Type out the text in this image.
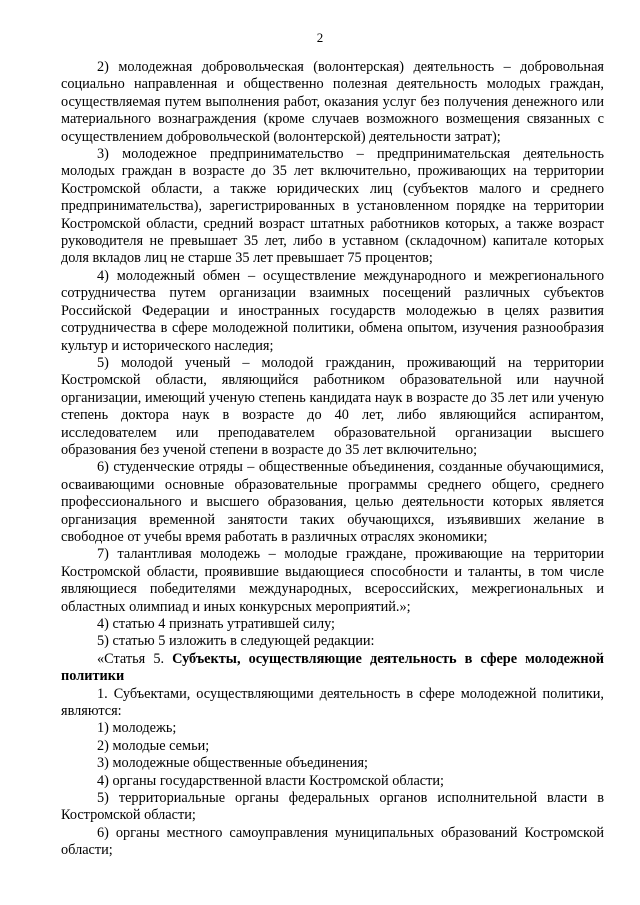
2

2) молодежная добровольческая (волонтерская) деятельность – добровольная социально направленная и общественно полезная деятельность молодых граждан, осуществляемая путем выполнения работ, оказания услуг без получения денежного или материального вознаграждения (кроме случаев возможного возмещения связанных с осуществлением добровольческой (волонтерской) деятельности затрат);

3) молодежное предпринимательство – предпринимательская деятельность молодых граждан в возрасте до 35 лет включительно, проживающих на территории Костромской области, а также юридических лиц (субъектов малого и среднего предпринимательства), зарегистрированных в установленном порядке на территории Костромской области, средний возраст штатных работников которых, а также возраст руководителя не превышает 35 лет, либо в уставном (складочном) капитале которых доля вкладов лиц не старше 35 лет превышает 75 процентов;

4) молодежный обмен – осуществление международного и межрегионального сотрудничества путем организации взаимных посещений различных субъектов Российской Федерации и иностранных государств молодежью в целях развития сотрудничества в сфере молодежной политики, обмена опытом, изучения разнообразия культур и исторического наследия;

5) молодой ученый – молодой гражданин, проживающий на территории Костромской области, являющийся работником образовательной или научной организации, имеющий ученую степень кандидата наук в возрасте до 35 лет или ученую степень доктора наук в возрасте до 40 лет, либо являющийся аспирантом, исследователем или преподавателем образовательной организации высшего образования без ученой степени в возрасте до 35 лет включительно;

6) студенческие отряды – общественные объединения, созданные обучающимися, осваивающими основные образовательные программы среднего общего, среднего профессионального и высшего образования, целью деятельности которых является организация временной занятости таких обучающихся, изъявивших желание в свободное от учебы время работать в различных отраслях экономики;

7) талантливая молодежь – молодые граждане, проживающие на территории Костромской области, проявившие выдающиеся способности и таланты, в том числе являющиеся победителями международных, всероссийских, межрегиональных и областных олимпиад и иных конкурсных мероприятий.»;

4) статью 4 признать утратившей силу;

5) статью 5 изложить в следующей редакции:

«Статья 5. Субъекты, осуществляющие деятельность в сфере молодежной политики

1. Субъектами, осуществляющими деятельность в сфере молодежной политики, являются:

1) молодежь;

2) молодые семьи;

3) молодежные общественные объединения;

4) органы государственной власти Костромской области;

5) территориальные органы федеральных органов исполнительной власти в Костромской области;

6) органы местного самоуправления муниципальных образований Костромской области;
